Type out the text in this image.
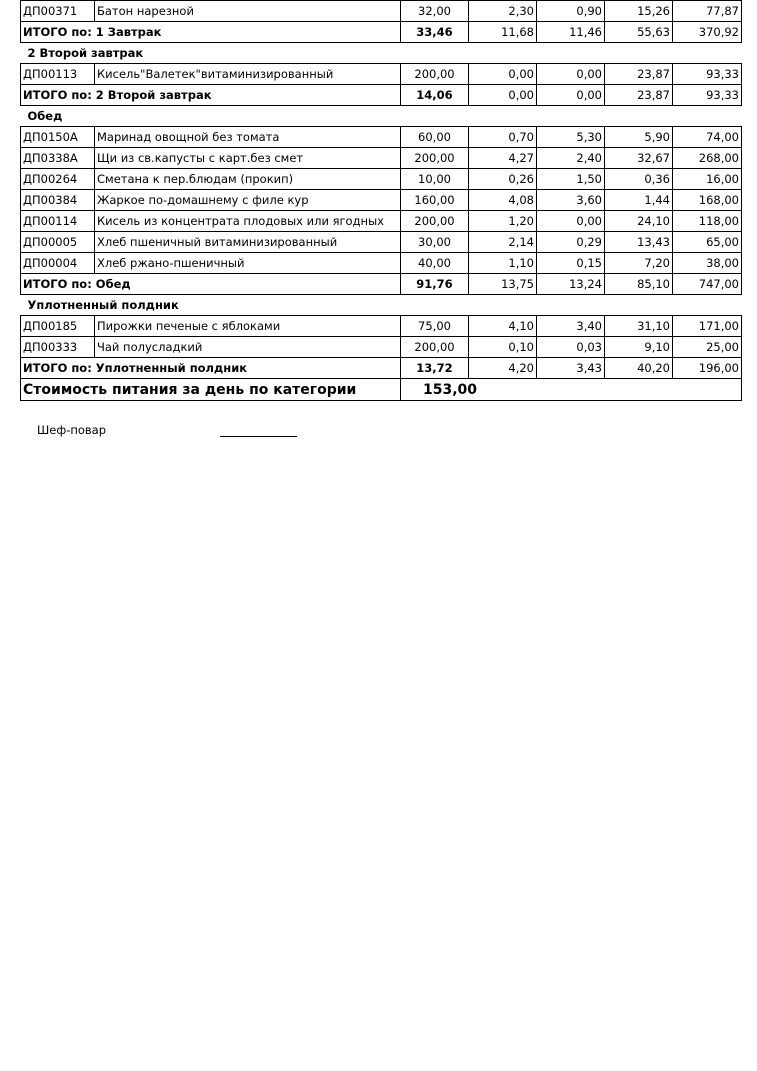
ДП00371	Батон нарезной	32,00	2,30	0,90	15,26	77,87
ИТОГО по: 1 Завтрак		33,46	11,68	11,46	55,63	370,92
2 Второй завтрак						
ДП00113	Кисель"Валетек"витаминизированный	200,00	0,00	0,00	23,87	93,33
ИТОГО по: 2 Второй завтрак		14,06	0,00	0,00	23,87	93,33
Обед						
ДП0150А	Маринад овощной без томата	60,00	0,70	5,30	5,90	74,00
ДП0338А	Щи из св.капусты с карт.без смет	200,00	4,27	2,40	32,67	268,00
ДП00264	Сметана к пер.блюдам (прокип)	10,00	0,26	1,50	0,36	16,00
ДП00384	Жаркое по-домашнему с филе кур	160,00	4,08	3,60	1,44	168,00
ДП00114	Кисель из концентрата плодовых или ягодных	200,00	1,20	0,00	24,10	118,00
ДП00005	Хлеб пшеничный витаминизированный	30,00	2,14	0,29	13,43	65,00
ДП00004	Хлеб ржано-пшеничный	40,00	1,10	0,15	7,20	38,00
ИТОГО по: Обед		91,76	13,75	13,24	85,10	747,00
Уплотненный полдник						
ДП00185	Пирожки печеные с яблоками	75,00	4,10	3,40	31,10	171,00
ДП00333	Чай полусладкий	200,00	0,10	0,03	9,10	25,00
ИТОГО по: Уплотненный полдник		13,72	4,20	3,43	40,20	196,00
Стоимость питания за день по категории		153,00				
Шеф-повар
